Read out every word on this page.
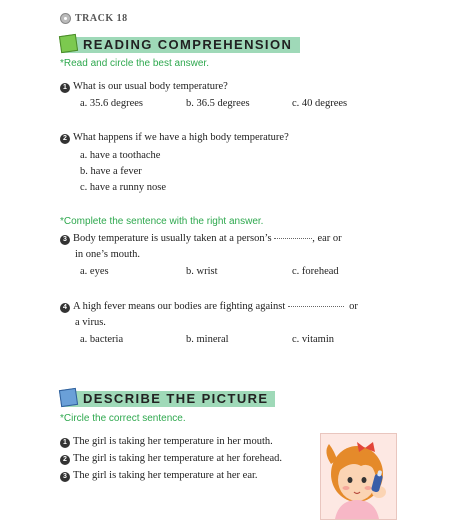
TRACK 18
READING COMPREHENSION
*Read and circle the best answer.
1 What is our usual body temperature?
a. 35.6 degrees	b. 36.5 degrees	c. 40 degrees
2 What happens if we have a high body temperature?
a. have a toothache
b. have a fever
c. have a runny nose
*Complete the sentence with the right answer.
3 Body temperature is usually taken at a person’s	, ear or
in one’s mouth.
a. eyes	b. wrist	c. forehead
4 A high fever means our bodies are fighting against	or
a virus.
a. bacteria	b. mineral	c. vitamin
DESCRIBE THE PICTURE
*Circle the correct sentence.
1 The girl is taking her temperature in her mouth.
2 The girl is taking her temperature at her forehead.
3 The girl is taking her temperature at her ear.
